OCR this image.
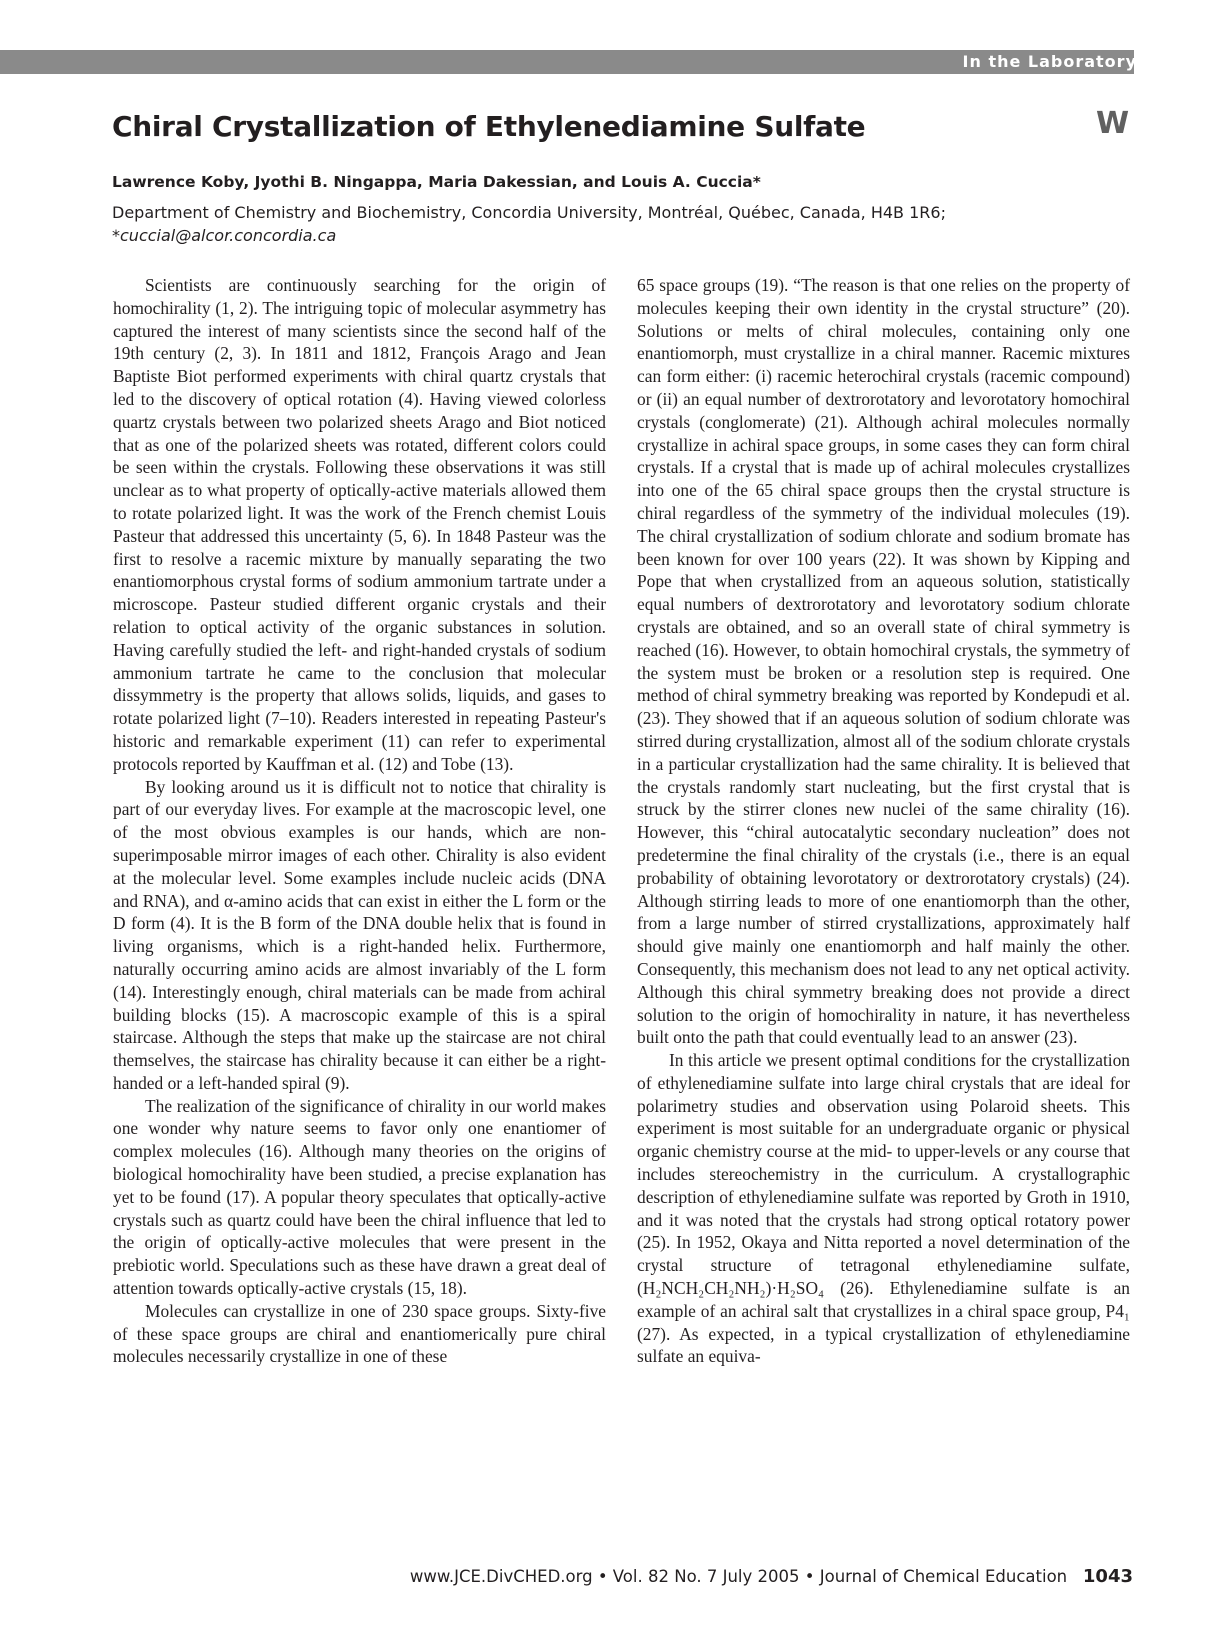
In the Laboratory
Chiral Crystallization of Ethylenediamine Sulfate	W
Lawrence Koby, Jyothi B. Ningappa, Maria Dakessian, and Louis A. Cuccia*
Department of Chemistry and Biochemistry, Concordia University, Montréal, Québec, Canada, H4B 1R6;
*cuccial@alcor.concordia.ca

Scientists are continuously searching for the origin of homochirality (1, 2). The intriguing topic of molecular asymmetry has captured the interest of many scientists since the second half of the 19th century (2, 3). In 1811 and 1812, François Arago and Jean Baptiste Biot performed experiments with chiral quartz crystals that led to the discovery of optical rotation (4). Having viewed colorless quartz crystals between two polarized sheets Arago and Biot noticed that as one of the polarized sheets was rotated, different colors could be seen within the crystals. Following these observations it was still unclear as to what property of optically-active materials allowed them to rotate polarized light. It was the work of the French chemist Louis Pasteur that addressed this uncertainty (5, 6). In 1848 Pasteur was the first to resolve a racemic mixture by manually separating the two enantiomorphous crystal forms of sodium ammonium tartrate under a microscope. Pasteur studied different organic crystals and their relation to optical activity of the organic substances in solution. Having carefully studied the left- and right-handed crystals of sodium ammonium tartrate he came to the conclusion that molecular dissymmetry is the property that allows solids, liquids, and gases to rotate polarized light (7–10). Readers interested in repeating Pasteur's historic and remarkable experiment (11) can refer to experimental protocols reported by Kauffman et al. (12) and Tobe (13).

By looking around us it is difficult not to notice that chirality is part of our everyday lives. For example at the macroscopic level, one of the most obvious examples is our hands, which are non-superimposable mirror images of each other. Chirality is also evident at the molecular level. Some examples include nucleic acids (DNA and RNA), and α-amino acids that can exist in either the L form or the D form (4). It is the B form of the DNA double helix that is found in living organisms, which is a right-handed helix. Furthermore, naturally occurring amino acids are almost invariably of the L form (14). Interestingly enough, chiral materials can be made from achiral building blocks (15). A macroscopic example of this is a spiral staircase. Although the steps that make up the staircase are not chiral themselves, the staircase has chirality because it can either be a right-handed or a left-handed spiral (9).

The realization of the significance of chirality in our world makes one wonder why nature seems to favor only one enantiomer of complex molecules (16). Although many theories on the origins of biological homochirality have been studied, a precise explanation has yet to be found (17). A popular theory speculates that optically-active crystals such as quartz could have been the chiral influence that led to the origin of optically-active molecules that were present in the prebiotic world. Speculations such as these have drawn a great deal of attention towards optically-active crystals (15, 18).

Molecules can crystallize in one of 230 space groups. Sixty-five of these space groups are chiral and enantiomerically pure chiral molecules necessarily crystallize in one of these

65 space groups (19). “The reason is that one relies on the property of molecules keeping their own identity in the crystal structure” (20). Solutions or melts of chiral molecules, containing only one enantiomorph, must crystallize in a chiral manner. Racemic mixtures can form either: (i) racemic heterochiral crystals (racemic compound) or (ii) an equal number of dextrorotatory and levorotatory homochiral crystals (conglomerate) (21). Although achiral molecules normally crystallize in achiral space groups, in some cases they can form chiral crystals. If a crystal that is made up of achiral molecules crystallizes into one of the 65 chiral space groups then the crystal structure is chiral regardless of the symmetry of the individual molecules (19). The chiral crystallization of sodium chlorate and sodium bromate has been known for over 100 years (22). It was shown by Kipping and Pope that when crystallized from an aqueous solution, statistically equal numbers of dextrorotatory and levorotatory sodium chlorate crystals are obtained, and so an overall state of chiral symmetry is reached (16). However, to obtain homochiral crystals, the symmetry of the system must be broken or a resolution step is required. One method of chiral symmetry breaking was reported by Kondepudi et al. (23). They showed that if an aqueous solution of sodium chlorate was stirred during crystallization, almost all of the sodium chlorate crystals in a particular crystallization had the same chirality. It is believed that the crystals randomly start nucleating, but the first crystal that is struck by the stirrer clones new nuclei of the same chirality (16). However, this “chiral autocatalytic secondary nucleation” does not predetermine the final chirality of the crystals (i.e., there is an equal probability of obtaining levorotatory or dextrorotatory crystals) (24). Although stirring leads to more of one enantiomorph than the other, from a large number of stirred crystallizations, approximately half should give mainly one enantiomorph and half mainly the other. Consequently, this mechanism does not lead to any net optical activity. Although this chiral symmetry breaking does not provide a direct solution to the origin of homochirality in nature, it has nevertheless built onto the path that could eventually lead to an answer (23).

In this article we present optimal conditions for the crystallization of ethylenediamine sulfate into large chiral crystals that are ideal for polarimetry studies and observation using Polaroid sheets. This experiment is most suitable for an undergraduate organic or physical organic chemistry course at the mid- to upper-levels or any course that includes stereochemistry in the curriculum. A crystallographic description of ethylenediamine sulfate was reported by Groth in 1910, and it was noted that the crystals had strong optical rotatory power (25). In 1952, Okaya and Nitta reported a novel determination of the crystal structure of tetragonal ethylenediamine sulfate, (H₂NCH₂CH₂NH₂)·H₂SO₄ (26). Ethylenediamine sulfate is an example of an achiral salt that crystallizes in a chiral space group, P4₁ (27). As expected, in a typical crystallization of ethylenediamine sulfate an equiva-

www.JCE.DivCHED.org • Vol. 82 No. 7 July 2005 • Journal of Chemical Education 1043
